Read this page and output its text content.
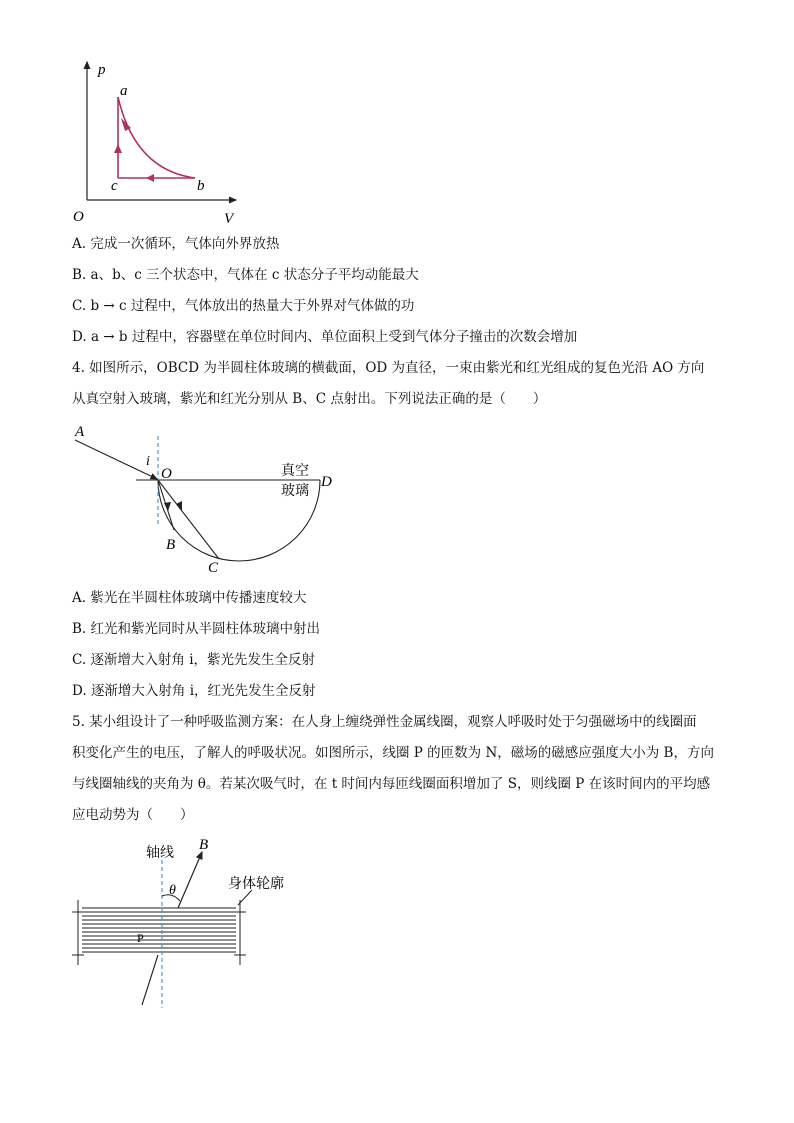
p
a
b
c
O	V
A. 完成一次循环，气体向外界放热
B. a、b、c 三个状态中，气体在 c 状态分子平均动能最大
C. b → c 过程中，气体放出的热量大于外界对气体做的功
D. a → b 过程中，容器壁在单位时间内、单位面积上受到气体分子撞击的次数会增加
4. 如图所示，OBCD 为半圆柱体玻璃的横截面，OD 为直径，一束由紫光和红光组成的复色光沿 AO 方向
从真空射入玻璃，紫光和红光分别从 B、C 点射出。下列说法正确的是（　　）
A
i
O	D
B
C
真空
玻璃
A. 紫光在半圆柱体玻璃中传播速度较大
B. 红光和紫光同时从半圆柱体玻璃中射出
C. 逐渐增大入射角 i，紫光先发生全反射
D. 逐渐增大入射角 i，红光先发生全反射
5. 某小组设计了一种呼吸监测方案：在人身上缠绕弹性金属线圈，观察人呼吸时处于匀强磁场中的线圈面
积变化产生的电压，了解人的呼吸状况。如图所示，线圈 P 的匝数为 N，磁场的磁感应强度大小为 B，方向
与线圈轴线的夹角为 θ。若某次吸气时，在 t 时间内每匝线圈面积增加了 S，则线圈 P 在该时间内的平均感
应电动势为（　　）
轴线 B
θ	身体轮廓
P
